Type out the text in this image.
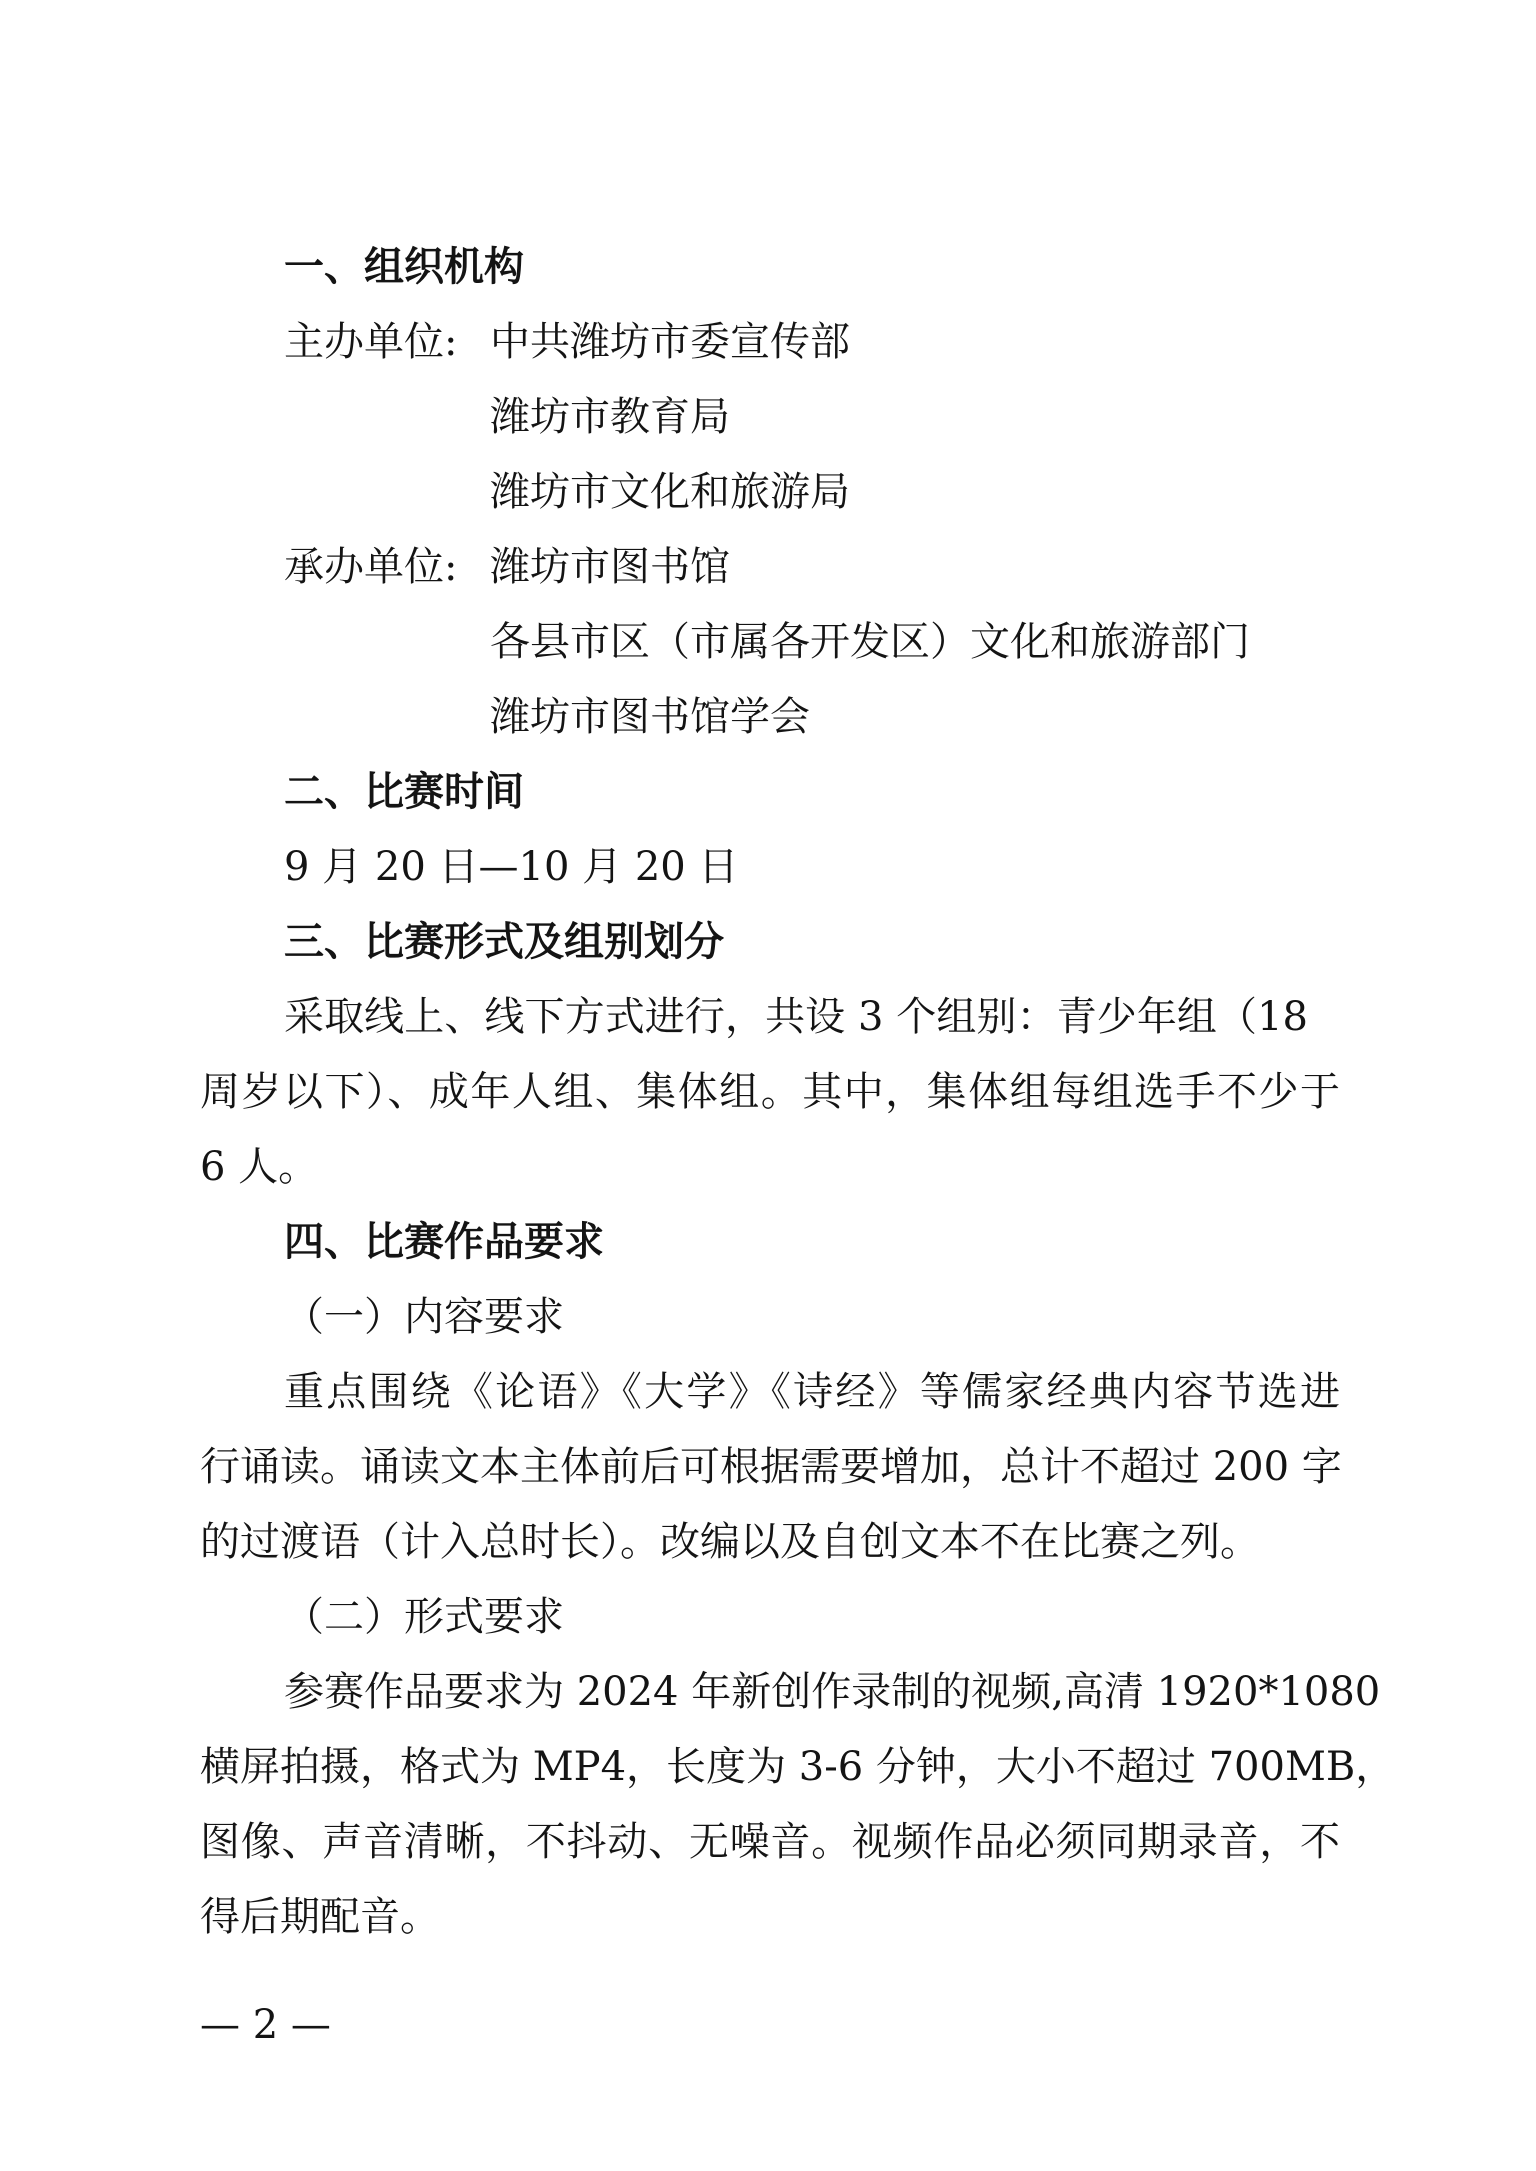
一、组织机构

主办单位: 中共潍坊市委宣传部

潍坊市教育局

潍坊市文化和旅游局

承办单位: 潍坊市图书馆

各县市区（市属各开发区）文化和旅游部门

潍坊市图书馆学会

二、比赛时间

9 月 20 日—10 月 20 日

三、比赛形式及组别划分

采取线上、线下方式进行，共设 3 个组别：青少年组（18

周岁以下）、成年人组、集体组。其中，集体组每组选手不少于

6 人。

四、比赛作品要求

（一）内容要求

重点围绕《论语》《大学》《诗经》等儒家经典内容节选进

行诵读。诵读文本主体前后可根据需要增加，总计不超过 200 字

的过渡语（计入总时长）。改编以及自创文本不在比赛之列。

（二）形式要求

参赛作品要求为 2024 年新创作录制的视频,高清 1920*1080

横屏拍摄，格式为 MP4，长度为 3-6 分钟，大小不超过 700MB，

图像、声音清晰，不抖动、无噪音。视频作品必须同期录音，不

得后期配音。

— 2 —
